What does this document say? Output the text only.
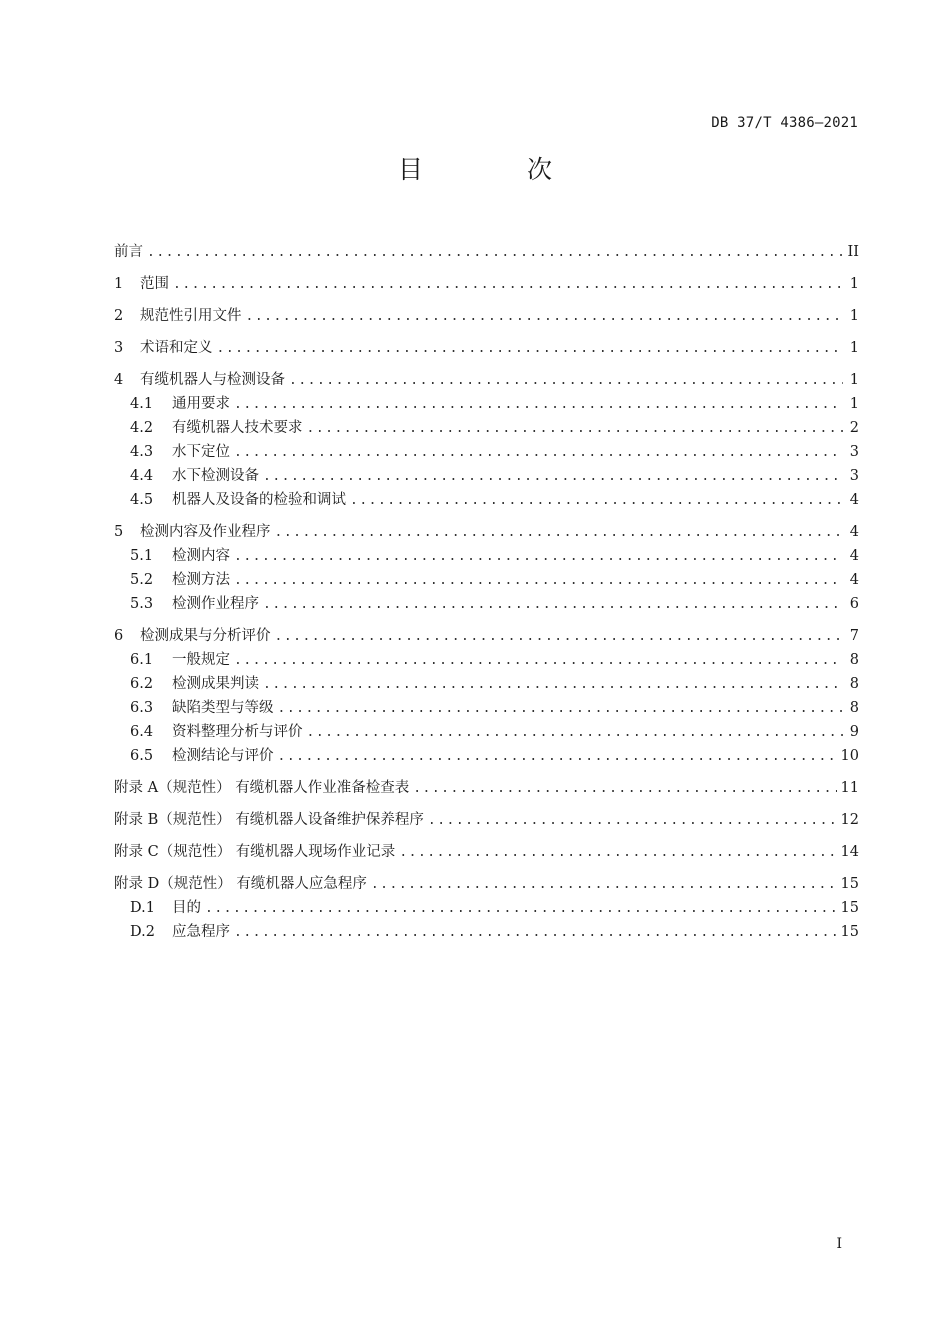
DB 37/T 4386—2021
目 次
前言 .....	II
1	范围 .....	1
2	规范性引用文件 .....	1
3	术语和定义 .....	1
4	有缆机器人与检测设备 .....	1
4.1	通用要求 .....	1
4.2	有缆机器人技术要求 .....	2
4.3	水下定位 .....	3
4.4	水下检测设备 .....	3
4.5	机器人及设备的检验和调试 .....	4
5	检测内容及作业程序 .....	4
5.1	检测内容 .....	4
5.2	检测方法 .....	4
5.3	检测作业程序 .....	6
6	检测成果与分析评价 .....	7
6.1	一般规定 .....	8
6.2	检测成果判读 .....	8
6.3	缺陷类型与等级 .....	8
6.4	资料整理分析与评价 .....	9
6.5	检测结论与评价 .....	10
附录 A（规范性） 有缆机器人作业准备检查表 .....	11
附录 B（规范性） 有缆机器人设备维护保养程序 .....	12
附录 C（规范性） 有缆机器人现场作业记录 .....	14
附录 D（规范性） 有缆机器人应急程序 .....	15
D.1	目的 .....	15
D.2	应急程序 .....	15
I
